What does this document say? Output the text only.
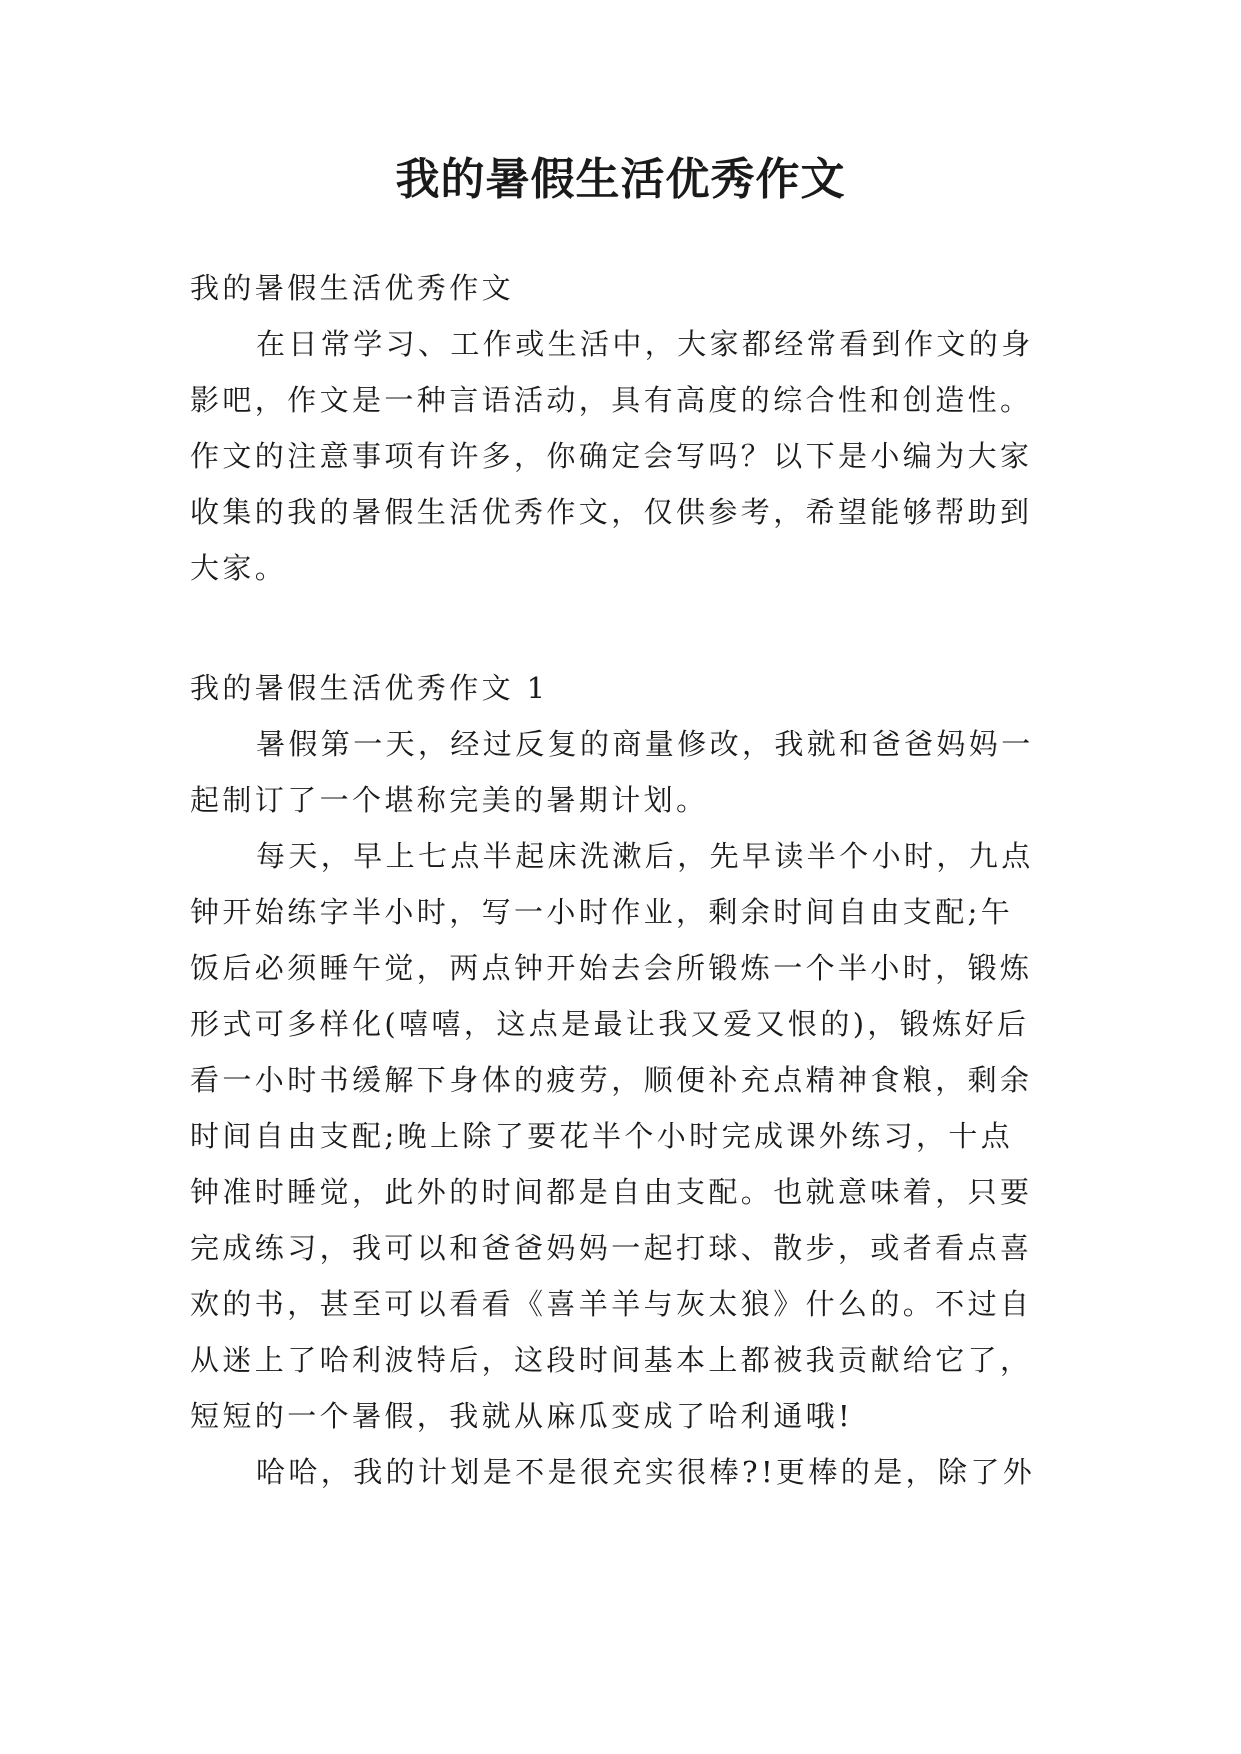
我的暑假生活优秀作文
我的暑假生活优秀作文
在日常学习、工作或生活中，大家都经常看到作文的身
影吧，作文是一种言语活动，具有高度的综合性和创造性。
作文的注意事项有许多，你确定会写吗？以下是小编为大家
收集的我的暑假生活优秀作文，仅供参考，希望能够帮助到
大家。
我的暑假生活优秀作文 1
暑假第一天，经过反复的商量修改，我就和爸爸妈妈一
起制订了一个堪称完美的暑期计划。
每天，早上七点半起床洗漱后，先早读半个小时，九点
钟开始练字半小时，写一小时作业，剩余时间自由支配;午
饭后必须睡午觉，两点钟开始去会所锻炼一个半小时，锻炼
形式可多样化(嘻嘻，这点是最让我又爱又恨的)，锻炼好后
看一小时书缓解下身体的疲劳，顺便补充点精神食粮，剩余
时间自由支配;晚上除了要花半个小时完成课外练习，十点
钟准时睡觉，此外的时间都是自由支配。也就意味着，只要
完成练习，我可以和爸爸妈妈一起打球、散步，或者看点喜
欢的书，甚至可以看看《喜羊羊与灰太狼》什么的。不过自
从迷上了哈利波特后，这段时间基本上都被我贡献给它了，
短短的一个暑假，我就从麻瓜变成了哈利通哦!
哈哈，我的计划是不是很充实很棒?!更棒的是，除了外
